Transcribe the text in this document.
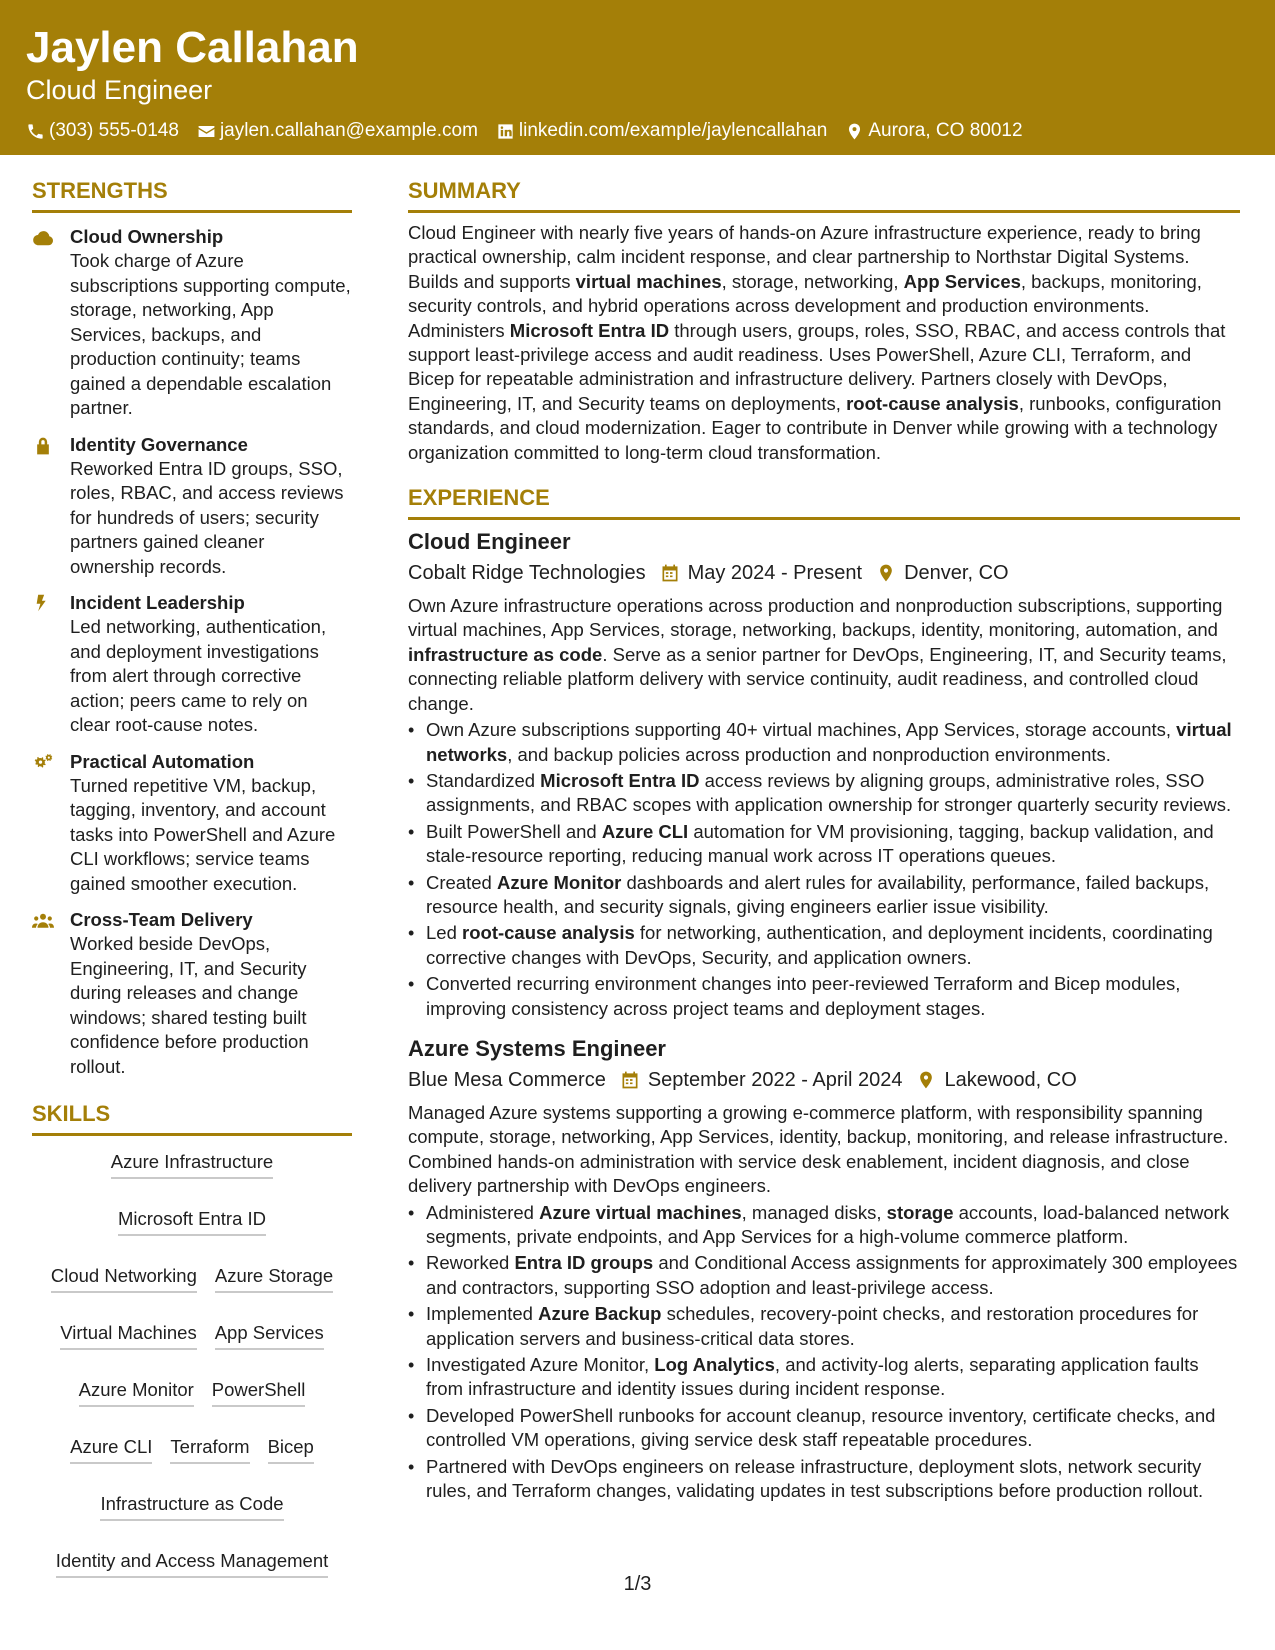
Jaylen Callahan
Cloud Engineer
(303) 555-0148 jaylen.callahan@example.com linkedin.com/example/jaylencallahan Aurora, CO 80012
STRENGTHS
Cloud Ownership
Took charge of Azure subscriptions supporting compute, storage, networking, App Services, backups, and production continuity; teams gained a dependable escalation partner.
Identity Governance
Reworked Entra ID groups, SSO, roles, RBAC, and access reviews for hundreds of users; security partners gained cleaner ownership records.
Incident Leadership
Led networking, authentication, and deployment investigations from alert through corrective action; peers came to rely on clear root-cause notes.
Practical Automation
Turned repetitive VM, backup, tagging, inventory, and account tasks into PowerShell and Azure CLI workflows; service teams gained smoother execution.
Cross-Team Delivery
Worked beside DevOps, Engineering, IT, and Security during releases and change windows; shared testing built confidence before production rollout.
SKILLS
Azure Infrastructure
Microsoft Entra ID
Cloud Networking Azure Storage
Virtual Machines App Services
Azure Monitor PowerShell
Azure CLI Terraform Bicep
Infrastructure as Code
Identity and Access Management
SUMMARY
Cloud Engineer with nearly five years of hands-on Azure infrastructure experience, ready to bring practical ownership, calm incident response, and clear partnership to Northstar Digital Systems. Builds and supports virtual machines, storage, networking, App Services, backups, monitoring, security controls, and hybrid operations across development and production environments. Administers Microsoft Entra ID through users, groups, roles, SSO, RBAC, and access controls that support least-privilege access and audit readiness. Uses PowerShell, Azure CLI, Terraform, and Bicep for repeatable administration and infrastructure delivery. Partners closely with DevOps, Engineering, IT, and Security teams on deployments, root-cause analysis, runbooks, configuration standards, and cloud modernization. Eager to contribute in Denver while growing with a technology organization committed to long-term cloud transformation.
EXPERIENCE
Cloud Engineer
Cobalt Ridge Technologies May 2024 - Present Denver, CO
Own Azure infrastructure operations across production and nonproduction subscriptions, supporting virtual machines, App Services, storage, networking, backups, identity, monitoring, automation, and infrastructure as code. Serve as a senior partner for DevOps, Engineering, IT, and Security teams, connecting reliable platform delivery with service continuity, audit readiness, and controlled cloud change.
• Own Azure subscriptions supporting 40+ virtual machines, App Services, storage accounts, virtual networks, and backup policies across production and nonproduction environments.
• Standardized Microsoft Entra ID access reviews by aligning groups, administrative roles, SSO assignments, and RBAC scopes with application ownership for stronger quarterly security reviews.
• Built PowerShell and Azure CLI automation for VM provisioning, tagging, backup validation, and stale-resource reporting, reducing manual work across IT operations queues.
• Created Azure Monitor dashboards and alert rules for availability, performance, failed backups, resource health, and security signals, giving engineers earlier issue visibility.
• Led root-cause analysis for networking, authentication, and deployment incidents, coordinating corrective changes with DevOps, Security, and application owners.
• Converted recurring environment changes into peer-reviewed Terraform and Bicep modules, improving consistency across project teams and deployment stages.
Azure Systems Engineer
Blue Mesa Commerce September 2022 - April 2024 Lakewood, CO
Managed Azure systems supporting a growing e-commerce platform, with responsibility spanning compute, storage, networking, App Services, identity, backup, monitoring, and release infrastructure. Combined hands-on administration with service desk enablement, incident diagnosis, and close delivery partnership with DevOps engineers.
• Administered Azure virtual machines, managed disks, storage accounts, load-balanced network segments, private endpoints, and App Services for a high-volume commerce platform.
• Reworked Entra ID groups and Conditional Access assignments for approximately 300 employees and contractors, supporting SSO adoption and least-privilege access.
• Implemented Azure Backup schedules, recovery-point checks, and restoration procedures for application servers and business-critical data stores.
• Investigated Azure Monitor, Log Analytics, and activity-log alerts, separating application faults from infrastructure and identity issues during incident response.
• Developed PowerShell runbooks for account cleanup, resource inventory, certificate checks, and controlled VM operations, giving service desk staff repeatable procedures.
• Partnered with DevOps engineers on release infrastructure, deployment slots, network security rules, and Terraform changes, validating updates in test subscriptions before production rollout.
1/3
